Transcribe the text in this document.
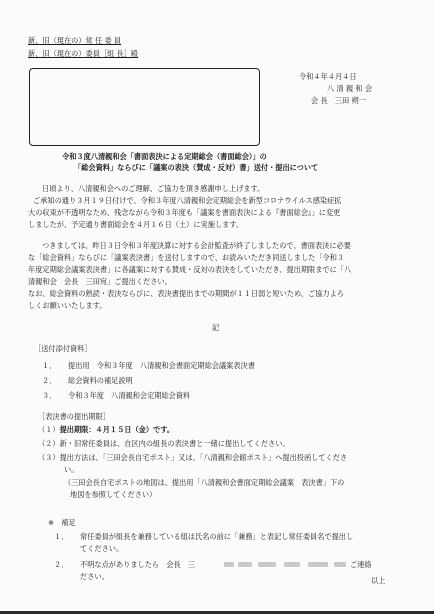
新、旧（現在の）常 任 委 員
新、旧（現在の）委員［組 長］殿
令和４年４月４日
八 清 親 和 会
会 長　三田 朔一
令和３度八清親和会「書面表決による定期総会（書面総会）」の
「総会資料」ならびに「議案の表決（賛成・反対）書」送付・提出について
日頃より、八清親和会へのご理解、ご協力を頂き感謝申し上げます。
ご承知の通り３月１９日付けで、令和３年度八清親和会定期総会を新型コロナウイルス感染症拡
大の収束が不透明なため、残念ながら令和３年度も「議案を書面表決による『書面総会』」に変更
しましたが、予定通り書面総会を４月１６日（土）に実施します。
つきましては、昨日３日令和３年度決算に対する会計監査が終了しましたので、書面表決に必要
な「総会資料」ならびに「議案表決書」を送付しますので、お読みいただき同送しました「令和３
年度定期総会議案表決書」に各議案に対する賛成・反対の表決をしていただき、提出期限までに「八
清親和会　会長　三田宛」ご提出ください。
なお、総会資料の熟読・表決ならびに、表決書提出までの期間が１１日弱と短いため、ご協力よろ
しくお願いいたします。
記
［送付添付資料］
１． 提出用　令和３年度　八清親和会書面定期総会議案表決書
２． 総会資料の補足説明
３． 令和３年度　八清親和会定期総会資料
［表決書の提出期限］
（１）提出期限：４月１５日（金）です。
（２）新・旧常任委員は、自区内の組長の表決書と一緒に提出してください。
（３）提出方法は、「三田会長自宅ポスト」又は、「八清親和会館ポスト」へ提出投函してくださ
い。
（三田会長自宅ポストの地図は、提出用「八清親和会書面定期総会議案　表決書」下の
地図を参照してください）
※　補足
１． 常任委員が組長を兼務している組は氏名の前に「兼務」と表記し常任委員名で提出し
てください。
２． 不明な点がありましたら　会長　三	ご連絡
ださい。	以上
